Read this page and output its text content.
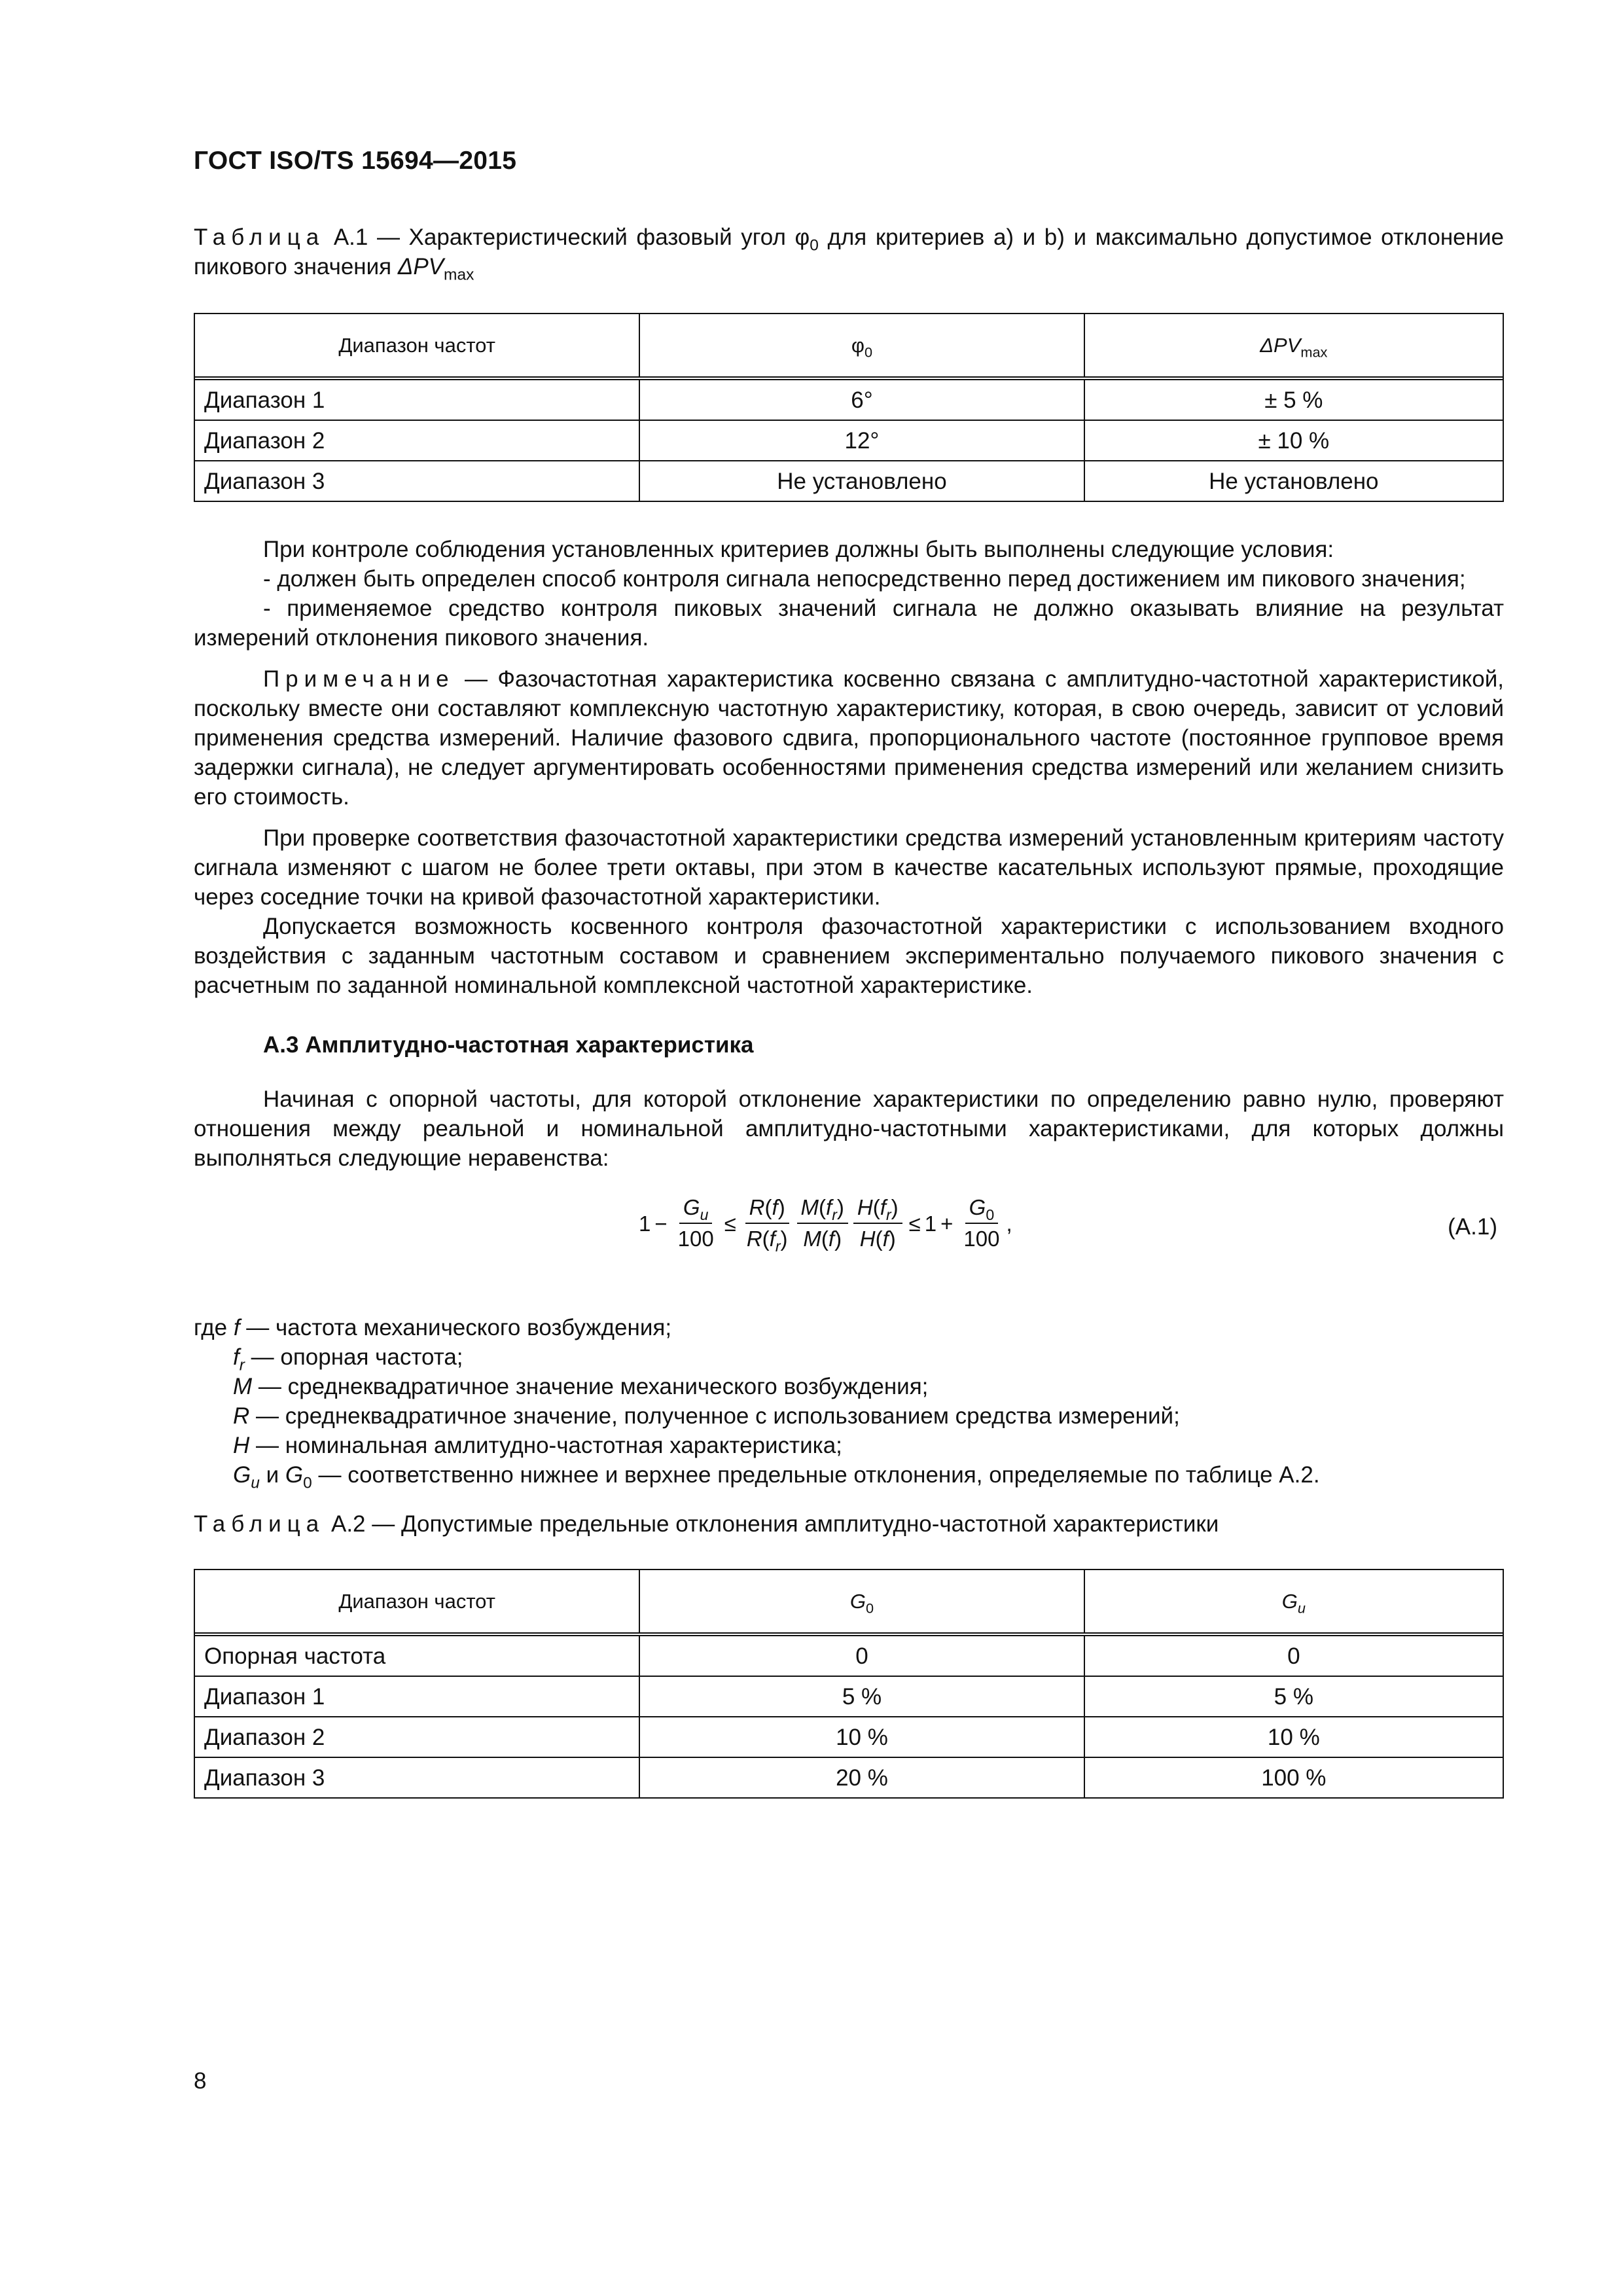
ГОСТ ISO/TS 15694—2015

Таблица А.1 — Характеристический фазовый угол $\varphi_0$ для критериев а) и b) и максимально допустимое отклонение пикового значения $\Delta PV_{max}$

Диапазон частот	$\varphi_0$	$\Delta PV_{max}$
Диапазон 1	6°	± 5 %
Диапазон 2	12°	± 10 %
Диапазон 3	Не установлено	Не установлено

При контроле соблюдения установленных критериев должны быть выполнены следующие условия:

- должен быть определен способ контроля сигнала непосредственно перед достижением им пикового значения;

- применяемое средство контроля пиковых значений сигнала не должно оказывать влияние на результат измерений отклонения пикового значения.

Примечание — Фазочастотная характеристика косвенно связана с амплитудно-частотной характеристикой, поскольку вместе они составляют комплексную частотную характеристику, которая, в свою очередь, зависит от условий применения средства измерений. Наличие фазового сдвига, пропорционального частоте (постоянное групповое время задержки сигнала), не следует аргументировать особенностями применения средства измерений или желанием снизить его стоимость.

При проверке соответствия фазочастотной характеристики средства измерений установленным критериям частоту сигнала изменяют с шагом не более трети октавы, при этом в качестве касательных используют прямые, проходящие через соседние точки на кривой фазочастотной характеристики.

Допускается возможность косвенного контроля фазочастотной характеристики с использованием входного воздействия с заданным частотным составом и сравнением экспериментально получаемого пикового значения с расчетным по заданной номинальной комплексной частотной характеристике.

А.3 Амплитудно-частотная характеристика

Начиная с опорной частоты, для которой отклонение характеристики по определению равно нулю, проверяют отношения между реальной и номинальной амплитудно-частотными характеристиками, для которых должны выполняться следующие неравенства:

$1 - \frac{G_u}{100} \le \frac{R(f)}{R(f_r)} \frac{M(f_r)}{M(f)} \frac{H(f_r)}{H(f)} \le 1 + \frac{G_0}{100}$ ,	(А.1)

где f — частота механического возбуждения;

$f_r$ — опорная частота;

M — среднеквадратичное значение механического возбуждения;

R — среднеквадратичное значение, полученное с использованием средства измерений;

H — номинальная амлитудно-частотная характеристика;

$G_u$ и $G_0$ — соответственно нижнее и верхнее предельные отклонения, определяемые по таблице А.2.

Таблица А.2 — Допустимые предельные отклонения амплитудно-частотной характеристики

Диапазон частот	$G_0$	$G_u$
Опорная частота	0	0
Диапазон 1	5 %	5 %
Диапазон 2	10 %	10 %
Диапазон 3	20 %	100 %
8
